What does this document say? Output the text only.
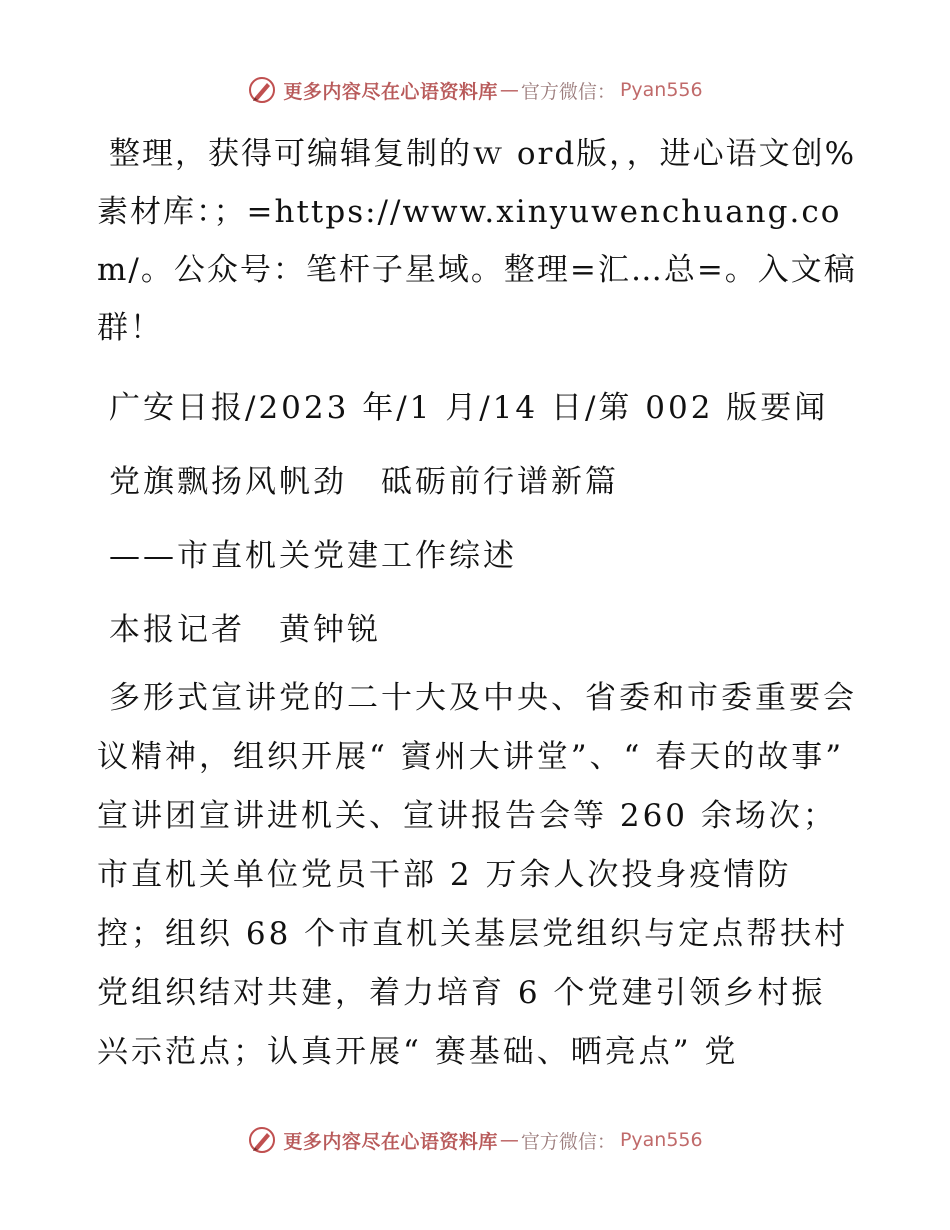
更多内容尽在心语资料库 — 官方微信： Pyan556

整理，获得可编辑复制的ｗ ord版，，进心语文创%素材库：；=https://www.xinyuwenchuang.com/。公众号：笔杆子星域。整理=汇…总=。入文稿群！

广安日报/2023 年/1 月/14 日/第 002 版要闻

党旗飘扬风帆劲　砥砺前行谱新篇

——市直机关党建工作综述

本报记者　黄钟锐

多形式宣讲党的二十大及中央、省委和市委重要会议精神，组织开展“ 賨州大讲堂”、“ 春天的故事” 宣讲团宣讲进机关、宣讲报告会等 260 余场次；市直机关单位党员干部 2 万余人次投身疫情防控；组织 68 个市直机关基层党组织与定点帮扶村党组织结对共建，着力培育 6 个党建引领乡村振兴示范点；认真开展“ 赛基础、晒亮点” 党

更多内容尽在心语资料库 — 官方微信： Pyan556
